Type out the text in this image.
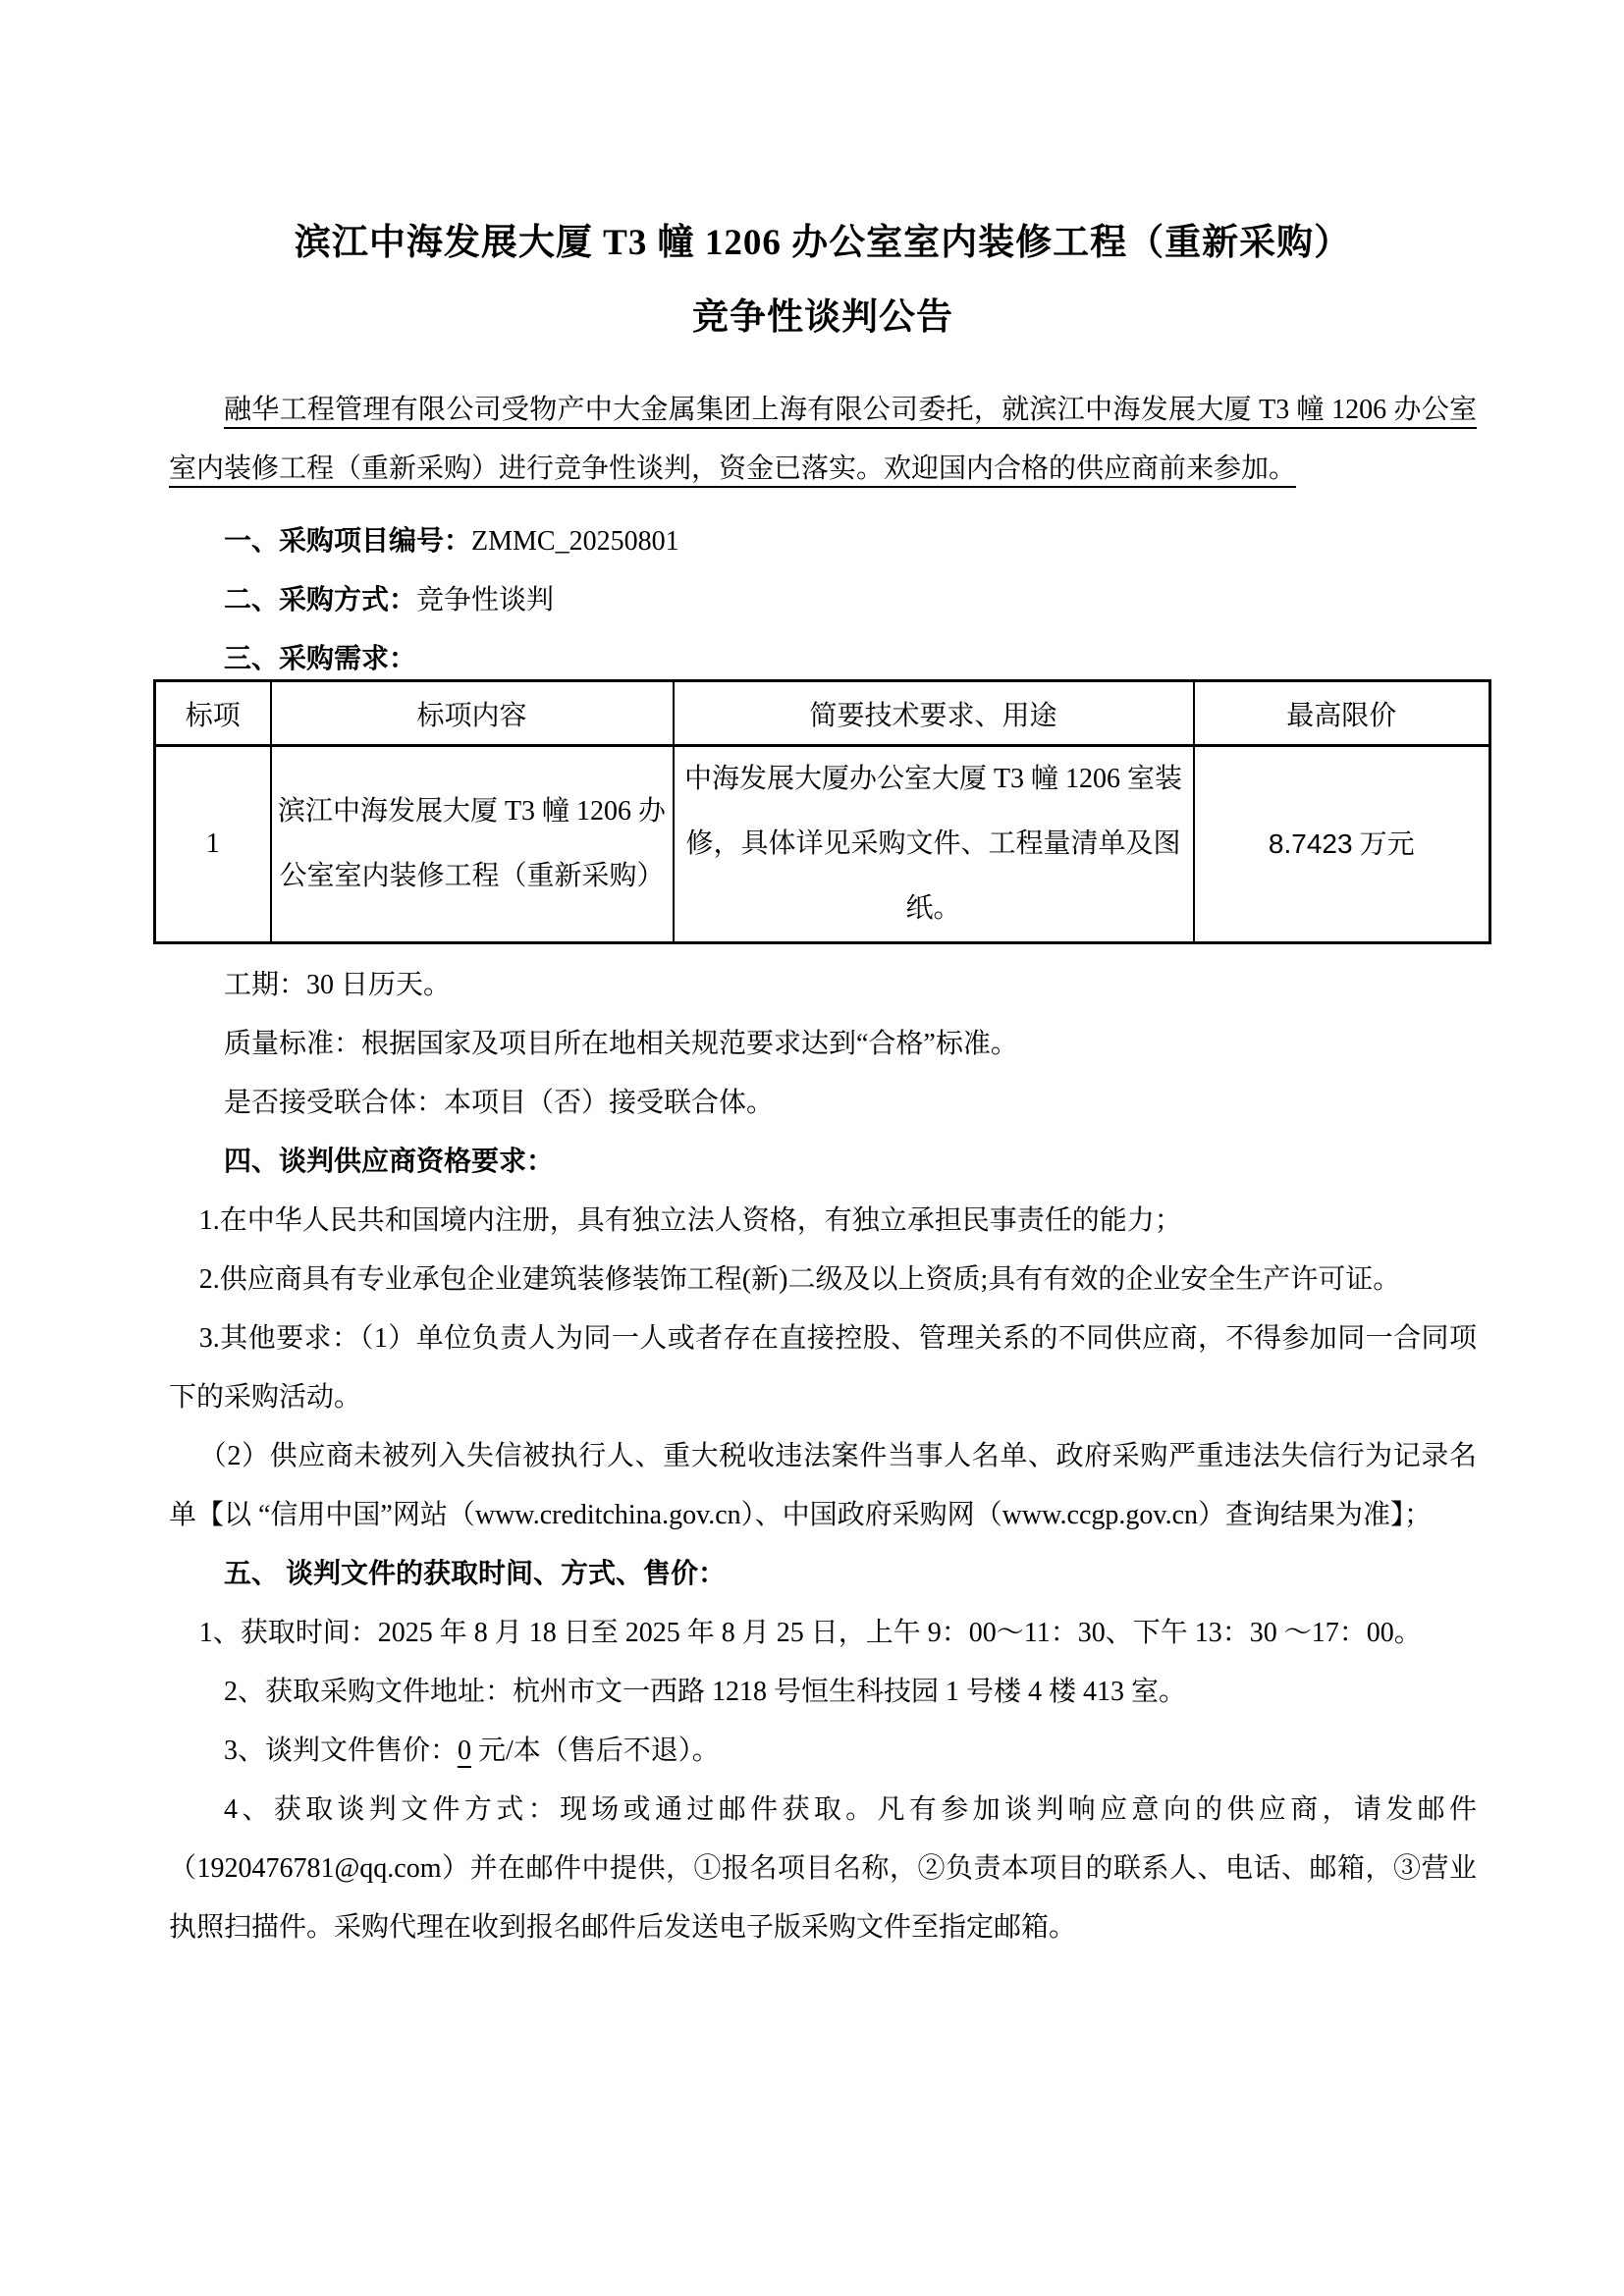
滨江中海发展大厦 T3 幢 1206 办公室室内装修工程（重新采购）
竞争性谈判公告

融华工程管理有限公司受物产中大金属集团上海有限公司委托，就滨江中海发展大厦 T3 幢 1206 办公室室内装修工程（重新采购）进行竞争性谈判，资金已落实。欢迎国内合格的供应商前来参加。

一、采购项目编号：ZMMC_20250801

二、采购方式：竞争性谈判

三、采购需求：

标项	标项内容	简要技术要求、用途	最高限价
1	滨江中海发展大厦 T3 幢 1206 办公室室内装修工程（重新采购）	中海发展大厦办公室大厦 T3 幢 1206 室装修，具体详见采购文件、工程量清单及图纸。	8.7423 万元

工期：30 日历天。

质量标准：根据国家及项目所在地相关规范要求达到“合格”标准。

是否接受联合体：本项目（否）接受联合体。

四、谈判供应商资格要求：

1.在中华人民共和国境内注册，具有独立法人资格，有独立承担民事责任的能力；

2.供应商具有专业承包企业建筑装修装饰工程(新)二级及以上资质;具有有效的企业安全生产许可证。

3.其他要求：（1）单位负责人为同一人或者存在直接控股、管理关系的不同供应商，不得参加同一合同项下的采购活动。

（2）供应商未被列入失信被执行人、重大税收违法案件当事人名单、政府采购严重违法失信行为记录名单【以 “信用中国”网站（www.creditchina.gov.cn）、中国政府采购网（www.ccgp.gov.cn）查询结果为准】；

五、 谈判文件的获取时间、方式、售价：

1、获取时间：2025 年 8 月 18 日至 2025 年 8 月 25 日，上午 9：00～11：30、下午 13：30 ～17：00。

2、获取采购文件地址：杭州市文一西路 1218 号恒生科技园 1 号楼 4 楼 413 室。

3、谈判文件售价：0 元/本（售后不退）。

4、获取谈判文件方式：现场或通过邮件获取。凡有参加谈判响应意向的供应商，请发邮件（1920476781@qq.com）并在邮件中提供，①报名项目名称，②负责本项目的联系人、电话、邮箱，③营业执照扫描件。采购代理在收到报名邮件后发送电子版采购文件至指定邮箱。
